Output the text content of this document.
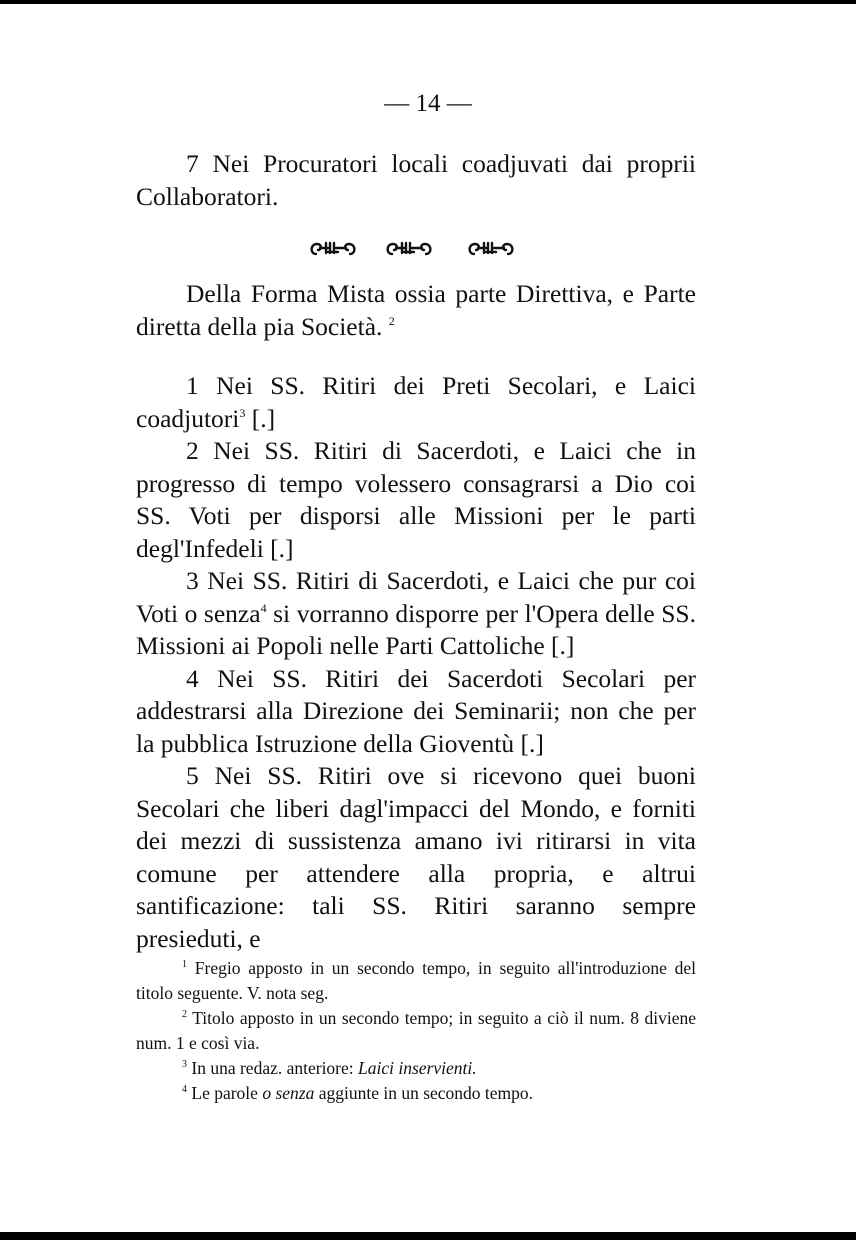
— 14 —

7 Nei Procuratori locali coadjuvati dai proprii Collaboratori.

Della Forma Mista ossia parte Direttiva, e Parte diretta della pia Società. $^2$

1 Nei SS. Ritiri dei Preti Secolari, e Laici coadjutori$^3$ [.]

2 Nei SS. Ritiri di Sacerdoti, e Laici che in progresso di tempo volessero consagrarsi a Dio coi SS. Voti per disporsi alle Missioni per le parti degl'Infedeli [.]

3 Nei SS. Ritiri di Sacerdoti, e Laici che pur coi Voti o senza$^4$ si vorranno disporre per l'Opera delle SS. Missioni ai Popoli nelle Parti Cattoliche [.]

4 Nei SS. Ritiri dei Sacerdoti Secolari per addestrarsi alla Direzione dei Seminarii; non che per la pubblica Istruzione della Gioventù [.]

5 Nei SS. Ritiri ove si ricevono quei buoni Secolari che liberi dagl'impacci del Mondo, e forniti dei mezzi di sussistenza amano ivi ritirarsi in vita comune per attendere alla propria, e altrui santificazione: tali SS. Ritiri saranno sempre presieduti, e

$^1$ Fregio apposto in un secondo tempo, in seguito all'introduzione del titolo seguente. V. nota seg.

$^2$ Titolo apposto in un secondo tempo; in seguito a ciò il num. 8 diviene num. 1 e così via.

$^3$ In una redaz. anteriore: Laici inservienti.

$^4$ Le parole o senza aggiunte in un secondo tempo.
